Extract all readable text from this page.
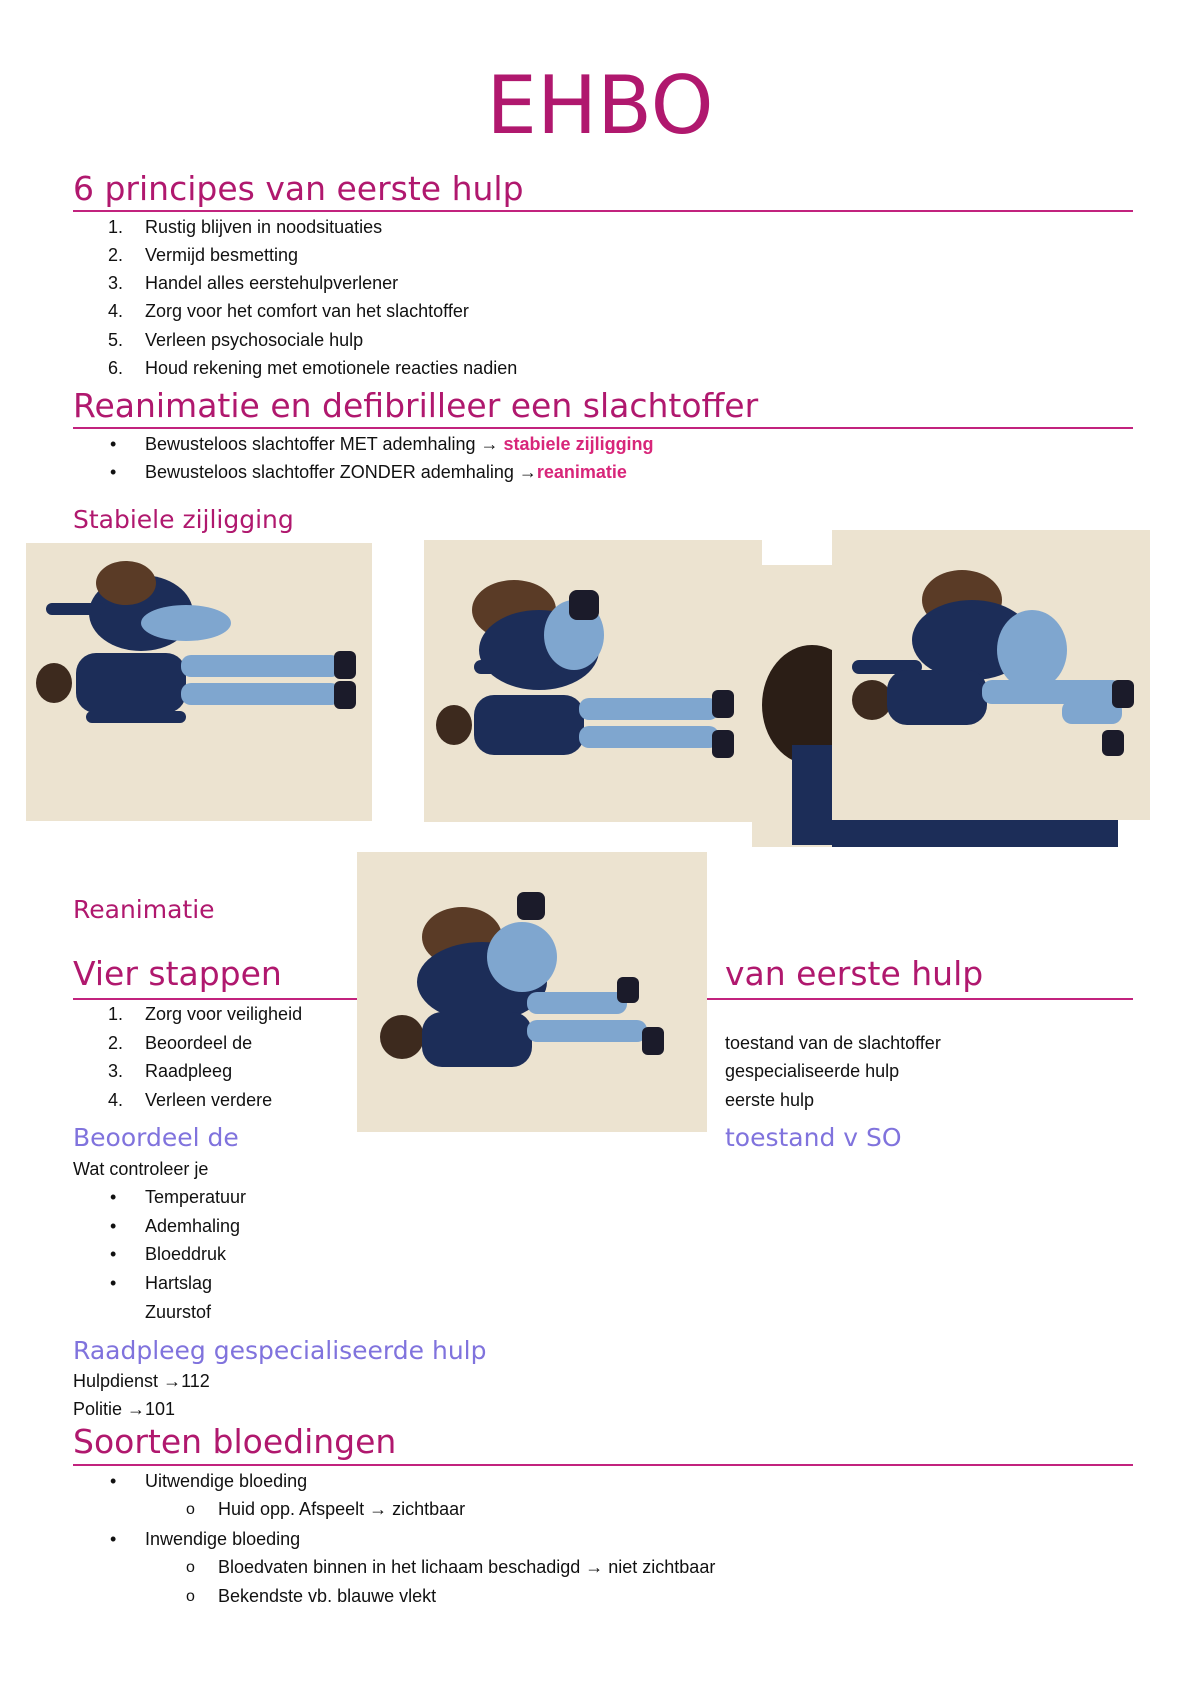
EHBO
6 principes van eerste hulp
1. Rustig blijven in noodsituaties
2. Vermijd besmetting
3. Handel alles eerstehulpverlener
4. Zorg voor het comfort van het slachtoffer
5. Verleen psychosociale hulp
6. Houd rekening met emotionele reacties nadien
Reanimatie en defibrilleer een slachtoffer
• Bewusteloos slachtoffer MET ademhaling → stabiele zijligging
• Bewusteloos slachtoffer ZONDER ademhaling →reanimatie
Stabiele zijligging
Reanimatie
Vier stappen	van eerste hulp
1. Zorg voor veiligheid
2. Beoordeel de	toestand van de slachtoffer
3. Raadpleeg	gespecialiseerde hulp
4. Verleen verdere	eerste hulp
Beoordeel de	toestand v SO
Wat controleer je
• Temperatuur
• Ademhaling
• Bloeddruk
• Hartslag
Zuurstof
Raadpleeg gespecialiseerde hulp
Hulpdienst →112
Politie →101
Soorten bloedingen
• Uitwendige bloeding
o Huid opp. Afspeelt → zichtbaar
• Inwendige bloeding
o Bloedvaten binnen in het lichaam beschadigd → niet zichtbaar
o Bekendste vb. blauwe vlekt
